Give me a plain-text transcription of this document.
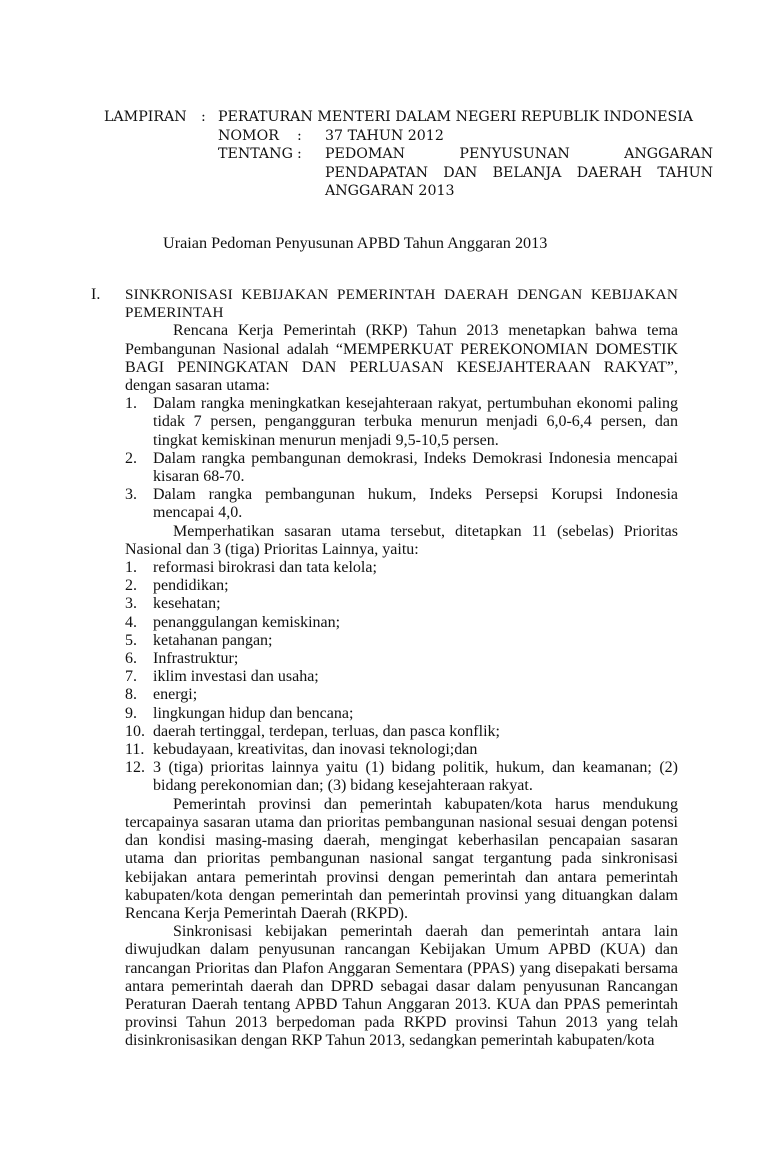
LAMPIRAN : PERATURAN MENTERI DALAM NEGERI REPUBLIK INDONESIA
NOMOR : 37 TAHUN 2012
TENTANG : PEDOMAN PENYUSUNAN ANGGARAN
PENDAPATAN DAN BELANJA DAERAH TAHUN
ANGGARAN 2013
Uraian Pedoman Penyusunan APBD Tahun Anggaran 2013
I. SINKRONISASI KEBIJAKAN PEMERINTAH DAERAH DENGAN KEBIJAKAN PEMERINTAH

Rencana Kerja Pemerintah (RKP) Tahun 2013 menetapkan bahwa tema Pembangunan Nasional adalah “MEMPERKUAT PEREKONOMIAN DOMESTIK BAGI PENINGKATAN DAN PERLUASAN KESEJAHTERAAN RAKYAT”, dengan sasaran utama:

1.	Dalam rangka meningkatkan kesejahteraan rakyat, pertumbuhan ekonomi paling tidak 7 persen, pengangguran terbuka menurun menjadi 6,0-6,4 persen, dan tingkat kemiskinan menurun menjadi 9,5-10,5 persen.
2.	Dalam rangka pembangunan demokrasi, Indeks Demokrasi Indonesia mencapai kisaran 68-70.
3.	Dalam rangka pembangunan hukum, Indeks Persepsi Korupsi Indonesia mencapai 4,0.

Memperhatikan sasaran utama tersebut, ditetapkan 11 (sebelas) Prioritas Nasional dan 3 (tiga) Prioritas Lainnya, yaitu:

1.	reformasi birokrasi dan tata kelola;
2.	pendidikan;
3.	kesehatan;
4.	penanggulangan kemiskinan;
5.	ketahanan pangan;
6.	Infrastruktur;
7.	iklim investasi dan usaha;
8.	energi;
9.	lingkungan hidup dan bencana;
10. daerah tertinggal, terdepan, terluas, dan pasca konflik;
11. kebudayaan, kreativitas, dan inovasi teknologi;dan
12. 3 (tiga) prioritas lainnya yaitu (1) bidang politik, hukum, dan keamanan; (2) bidang perekonomian dan; (3) bidang kesejahteraan rakyat.

Pemerintah provinsi dan pemerintah kabupaten/kota harus mendukung tercapainya sasaran utama dan prioritas pembangunan nasional sesuai dengan potensi dan kondisi masing-masing daerah, mengingat keberhasilan pencapaian sasaran utama dan prioritas pembangunan nasional sangat tergantung pada sinkronisasi kebijakan antara pemerintah provinsi dengan pemerintah dan antara pemerintah kabupaten/kota dengan pemerintah dan pemerintah provinsi yang dituangkan dalam Rencana Kerja Pemerintah Daerah (RKPD).

Sinkronisasi kebijakan pemerintah daerah dan pemerintah antara lain diwujudkan dalam penyusunan rancangan Kebijakan Umum APBD (KUA) dan rancangan Prioritas dan Plafon Anggaran Sementara (PPAS) yang disepakati bersama antara pemerintah daerah dan DPRD sebagai dasar dalam penyusunan Rancangan Peraturan Daerah tentang APBD Tahun Anggaran 2013. KUA dan PPAS pemerintah provinsi Tahun 2013 berpedoman pada RKPD provinsi Tahun 2013 yang telah disinkronisasikan dengan RKP Tahun 2013, sedangkan pemerintah kabupaten/kota
